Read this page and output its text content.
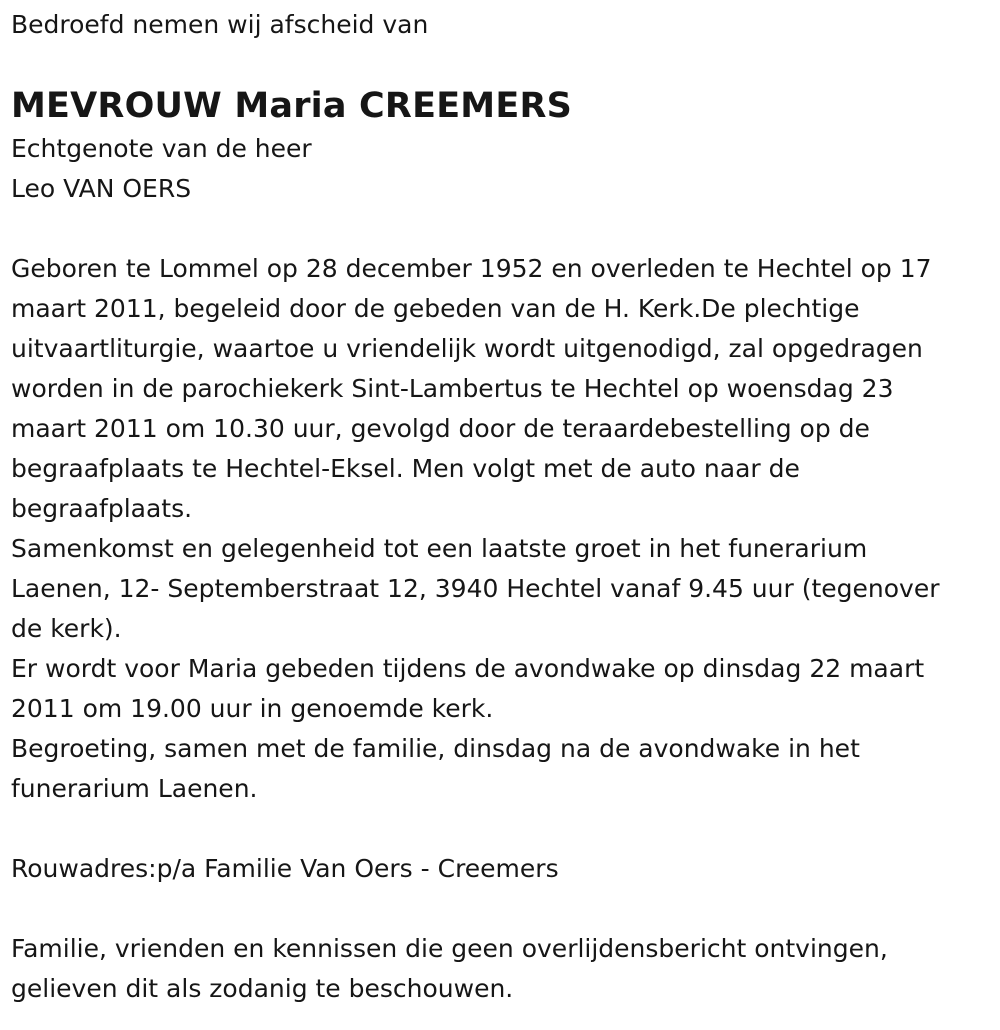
Bedroefd nemen wij afscheid van

MEVROUW Maria CREEMERS

Echtgenote van de heer

Leo VAN OERS

Geboren te Lommel op 28 december 1952 en overleden te Hechtel op 17

maart 2011, begeleid door de gebeden van de H. Kerk.De plechtige

uitvaartliturgie, waartoe u vriendelijk wordt uitgenodigd, zal opgedragen

worden in de parochiekerk Sint-Lambertus te Hechtel op woensdag 23

maart 2011 om 10.30 uur, gevolgd door de teraardebestelling op de

begraafplaats te Hechtel-Eksel. Men volgt met de auto naar de

begraafplaats.

Samenkomst en gelegenheid tot een laatste groet in het funerarium

Laenen, 12- Septemberstraat 12, 3940 Hechtel vanaf 9.45 uur (tegenover

de kerk).

Er wordt voor Maria gebeden tijdens de avondwake op dinsdag 22 maart

2011 om 19.00 uur in genoemde kerk.

Begroeting, samen met de familie, dinsdag na de avondwake in het

funerarium Laenen.

Rouwadres:p/a Familie Van Oers - Creemers

Familie, vrienden en kennissen die geen overlijdensbericht ontvingen,

gelieven dit als zodanig te beschouwen.
